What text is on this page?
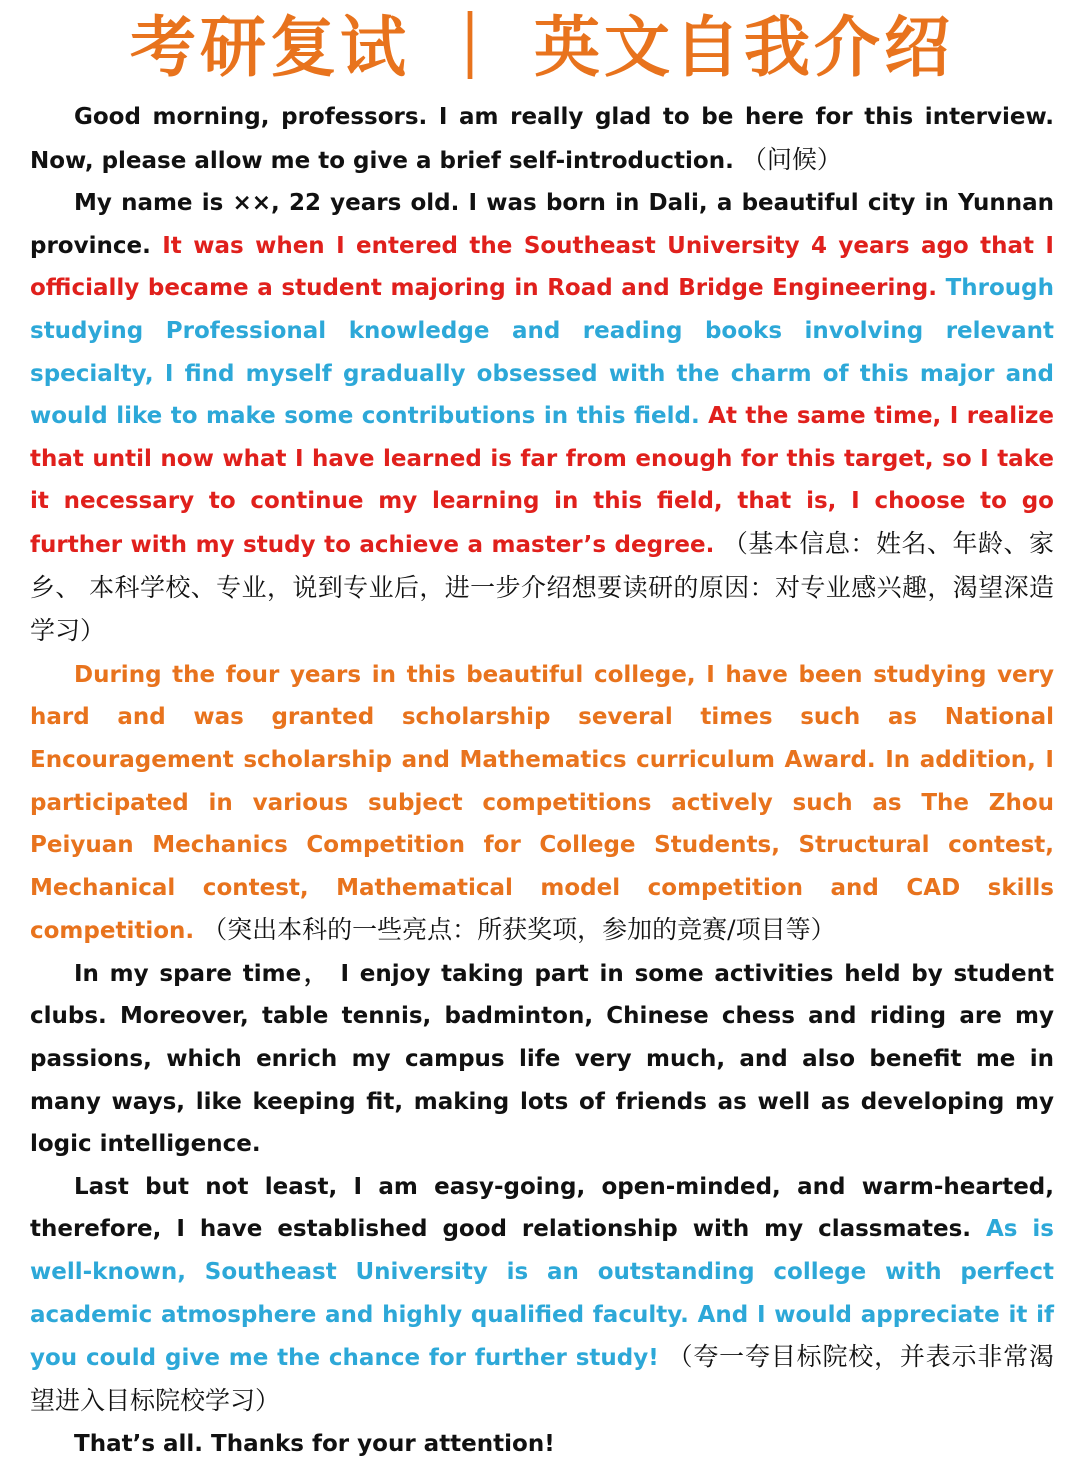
考研复试 ｜ 英文自我介绍

Good morning, professors. I am really glad to be here for this interview. Now, please allow me to give a brief self-introduction. （问候）

My name is ××, 22 years old. I was born in Dali, a beautiful city in Yunnan province. It was when I entered the Southeast University 4 years ago that I officially became a student majoring in Road and Bridge Engineering. Through studying Professional knowledge and reading books involving relevant specialty, I find myself gradually obsessed with the charm of this major and would like to make some contributions in this field. At the same time, I realize that until now what I have learned is far from enough for this target, so I take it necessary to continue my learning in this field, that is, I choose to go further with my study to achieve a master’s degree. （基本信息：姓名、年龄、家乡、 本科学校、专业，说到专业后，进一步介绍想要读研的原因：对专业感兴趣，渴望深造学习）

During the four years in this beautiful college, I have been studying very hard and was granted scholarship several times such as National Encouragement scholarship and Mathematics curriculum Award. In addition, I participated in various subject competitions actively such as The Zhou Peiyuan Mechanics Competition for College Students, Structural contest, Mechanical contest, Mathematical model competition and CAD skills competition. （突出本科的一些亮点：所获奖项，参加的竞赛/项目等）

In my spare time， I enjoy taking part in some activities held by student clubs. Moreover, table tennis, badminton, Chinese chess and riding are my passions, which enrich my campus life very much, and also benefit me in many ways, like keeping fit, making lots of friends as well as developing my logic intelligence.

Last but not least, I am easy-going, open-minded, and warm-hearted, therefore, I have established good relationship with my classmates. As is well-known, Southeast University is an outstanding college with perfect academic atmosphere and highly qualified faculty. And I would appreciate it if you could give me the chance for further study! （夸一夸目标院校，并表示非常渴望进入目标院校学习）

That’s all. Thanks for your attention!
